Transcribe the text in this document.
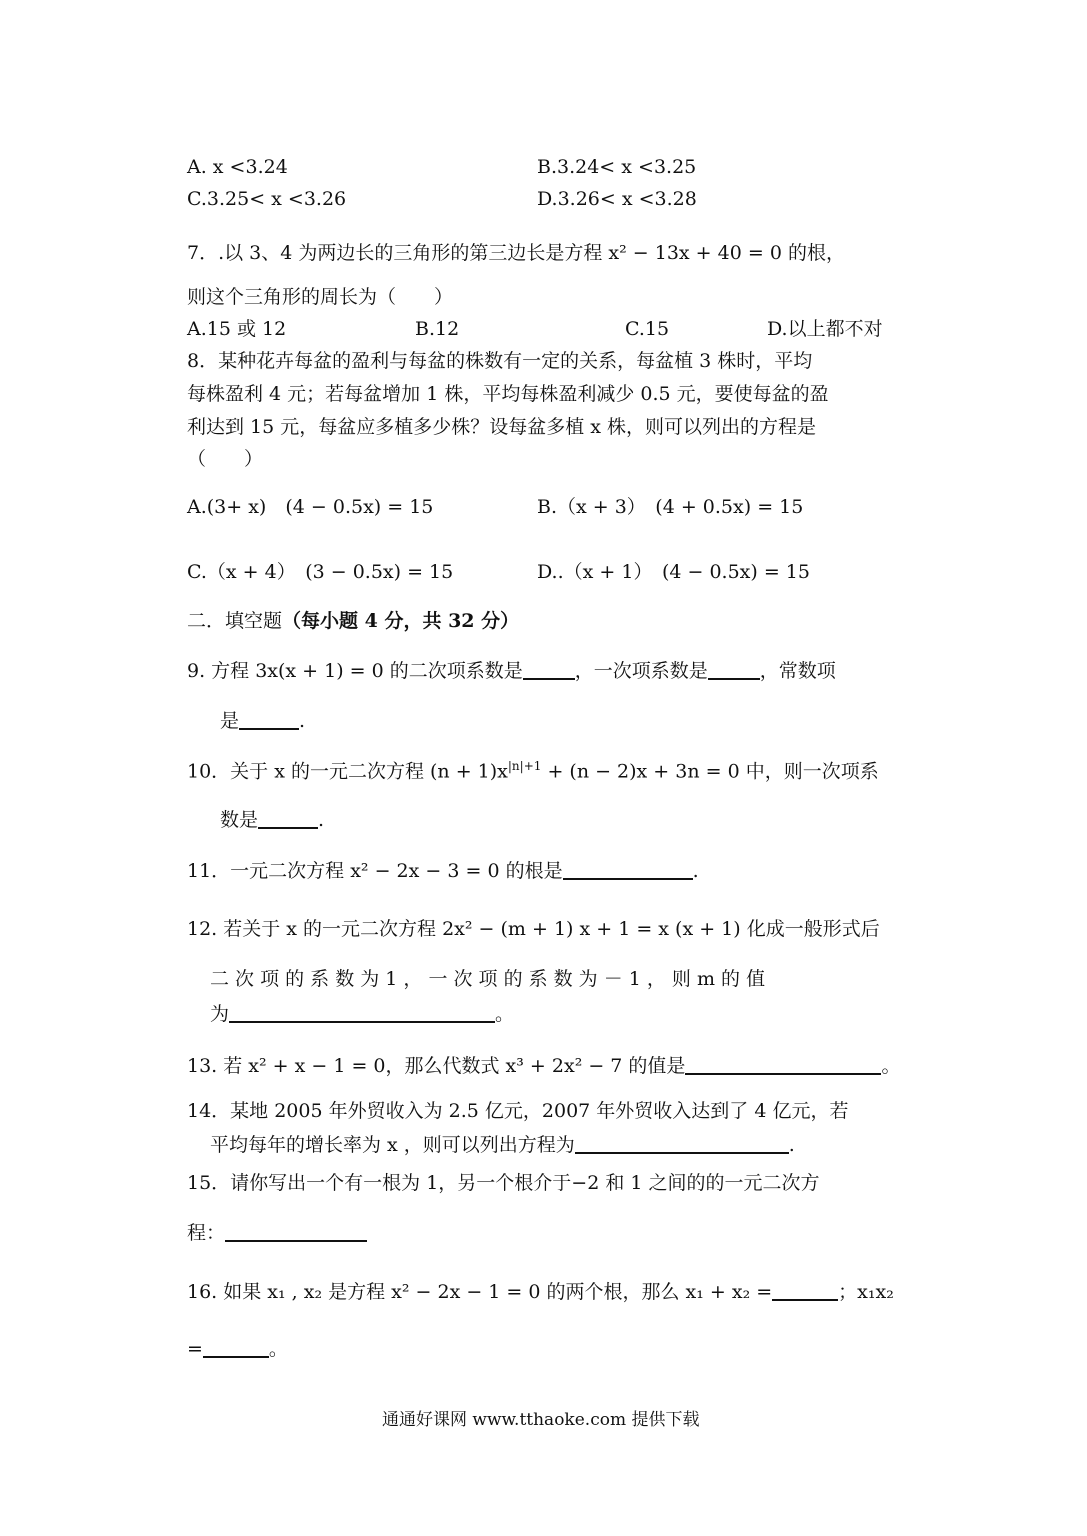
A. x <3.24	B.3.24< x <3.25
C.3.25< x <3.26	D.3.26< x <3.28
7．.以 3、4 为两边长的三角形的第三边长是方程 x² − 13x + 40 = 0 的根，
则这个三角形的周长为（　　）
A.15 或 12	B.12	C.15	D.以上都不对
8．某种花卉每盆的盈利与每盆的株数有一定的关系，每盆植 3 株时，平均
每株盈利 4 元；若每盆增加 1 株，平均每株盈利减少 0.5 元，要使每盆的盈
利达到 15 元，每盆应多植多少株？设每盆多植 x 株，则可以列出的方程是
（　　）
A.(3+ x)　(4 − 0.5x) = 15	B.（x + 3）　(4 + 0.5x) = 15
C.（x + 4）　(3 − 0.5x) = 15	D..（x + 1）　(4 − 0.5x) = 15
二．填空题（每小题 4 分，共 32 分）
9. 方程 3x(x + 1) = 0 的二次项系数是	，一次项系数是	，常数项
是	.
10．关于 x 的一元二次方程 $(n + 1)x^{|n|+1} + (n - 2)x + 3n = 0$ 中，则一次项系
数是	.
11．一元二次方程 x² − 2x − 3 = 0 的根是	.
12. 若关于 x 的一元二次方程 2x² − (m + 1) x + 1 = x (x + 1) 化成一般形式后
二 次 项 的 系 数 为 1 ， 一 次 项 的 系 数 为 － 1 ， 则 m 的 值
为	。
13. 若 x² + x − 1 = 0，那么代数式 x³ + 2x² − 7 的值是	。
14．某地 2005 年外贸收入为 2.5 亿元，2007 年外贸收入达到了 4 亿元，若
平均每年的增长率为 x ，则可以列出方程为	.
15．请你写出一个有一根为 1，另一个根介于−2 和 1 之间的的一元二次方
程：
16. 如果 x₁ , x₂ 是方程 x² − 2x − 1 = 0 的两个根，那么 x₁ + x₂ =	；x₁x₂
=	。
通通好课网 www.tthaoke.com 提供下载
